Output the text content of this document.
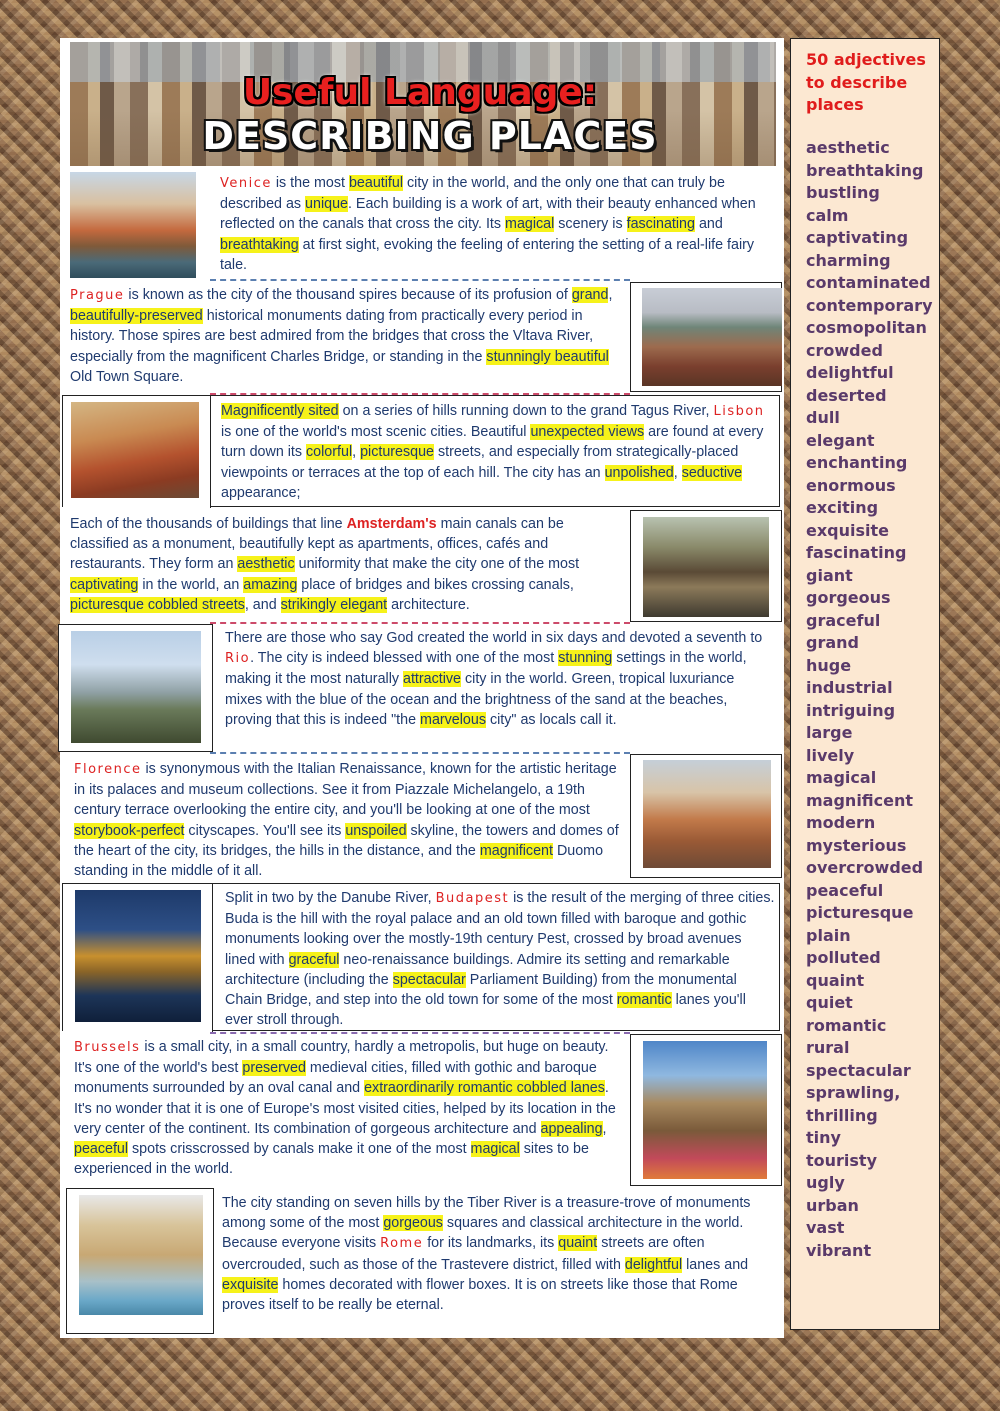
Useful Language:
DESCRIBING PLACES
Venice is the most beautiful city in the world, and the only one that can truly be described as unique. Each building is a work of art, with their beauty enhanced when reflected on the canals that cross the city. Its magical scenery is fascinating and breathtaking at first sight, evoking the feeling of entering the setting of a real-life fairy tale.
Prague is known as the city of the thousand spires because of its profusion of grand, beautifully-preserved historical monuments dating from practically every period in history. Those spires are best admired from the bridges that cross the Vltava River, especially from the magnificent Charles Bridge, or standing in the stunningly beautiful Old Town Square.
Magnificently sited on a series of hills running down to the grand Tagus River, Lisbon is one of the world's most scenic cities. Beautiful unexpected views are found at every turn down its colorful, picturesque streets, and especially from strategically-placed viewpoints or terraces at the top of each hill. The city has an unpolished, seductive appearance;
Each of the thousands of buildings that line Amsterdam's main canals can be classified as a monument, beautifully kept as apartments, offices, cafés and restaurants. They form an aesthetic uniformity that make the city one of the most captivating in the world, an amazing place of bridges and bikes crossing canals, picturesque cobbled streets, and strikingly elegant architecture.
There are those who say God created the world in six days and devoted a seventh to Rio. The city is indeed blessed with one of the most stunning settings in the world, making it the most naturally attractive city in the world. Green, tropical luxuriance mixes with the blue of the ocean and the brightness of the sand at the beaches, proving that this is indeed "the marvelous city" as locals call it.
Florence is synonymous with the Italian Renaissance, known for the artistic heritage in its palaces and museum collections. See it from Piazzale Michelangelo, a 19th century terrace overlooking the entire city, and you'll be looking at one of the most storybook-perfect cityscapes. You'll see its unspoiled skyline, the towers and domes of the heart of the city, its bridges, the hills in the distance, and the magnificent Duomo standing in the middle of it all.
Split in two by the Danube River, Budapest is the result of the merging of three cities. Buda is the hill with the royal palace and an old town filled with baroque and gothic monuments looking over the mostly-19th century Pest, crossed by broad avenues lined with graceful neo-renaissance buildings. Admire its setting and remarkable architecture (including the spectacular Parliament Building) from the monumental Chain Bridge, and step into the old town for some of the most romantic lanes you'll ever stroll through.
Brussels is a small city, in a small country, hardly a metropolis, but huge on beauty. It's one of the world's best preserved medieval cities, filled with gothic and baroque monuments surrounded by an oval canal and extraordinarily romantic cobbled lanes. It's no wonder that it is one of Europe's most visited cities, helped by its location in the very center of the continent. Its combination of gorgeous architecture and appealing, peaceful spots crisscrossed by canals make it one of the most magical sites to be experienced in the world.
The city standing on seven hills by the Tiber River is a treasure-trove of monuments among some of the most gorgeous squares and classical architecture in the world. Because everyone visits Rome for its landmarks, its quaint streets are often overcrouded, such as those of the Trastevere district, filled with delightful lanes and exquisite homes decorated with flower boxes. It is on streets like those that Rome proves itself to be really be eternal.
50 adjectives to describe places
aesthetic
breathtaking
bustling
calm
captivating
charming
contaminated
contemporary
cosmopolitan
crowded
delightful
deserted
dull
elegant
enchanting
enormous
exciting
exquisite
fascinating
giant
gorgeous
graceful
grand
huge
industrial
intriguing
large
lively
magical
magnificent
modern
mysterious
overcrowded
peaceful
picturesque
plain
polluted
quaint
quiet
romantic
rural
spectacular
sprawling,
thrilling
tiny
touristy
ugly
urban
vast
vibrant
